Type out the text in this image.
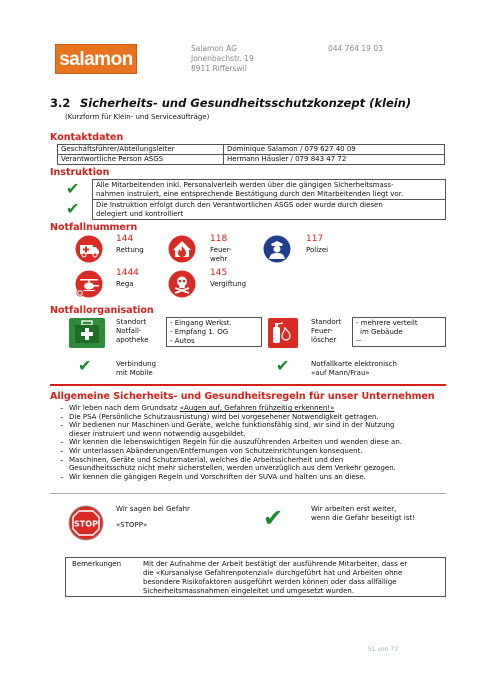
salamon
Salamon AG
Jonenbachstr. 19
8911 Rifferswil
044 764 19 03
3.2 Sicherheits- und Gesundheitsschutzkonzept (klein)
(Kurzform für Klein- und Serviceaufträge)
Kontaktdaten
Geschäftsführer/Abteilungsleiter	Dominique Salamon / 079 627 40 09
Verantwortliche Person ASGS	Hermann Häusler / 079 843 47 72
Instruktion
✔ Alle Mitarbeitenden inkl. Personalverleih werden über die gängigen Sicherheitsmass-
nahmen instruiert, eine entsprechende Bestätigung durch den Mitarbeitenden liegt vor.
✔ Die Instruktion erfolgt durch den Verantwortlichen ASGS oder wurde durch diesen
delegiert und kontrolliert
Notfallnummern
144
Rettung
118
Feuer-
wehr
117
Polizei
1444
Rega
145
Vergiftung
Notfallorganisation
Standort
Notfall-
apotheke
- Eingang Werkst.
- Empfang 1. OG
- Autos
Standort
Feuer-
löscher
- mehrere verteilt
im Gebäude
--
✔	Verbindung
mit Mobile	✔	Notfallkarte elektronisch
«auf Mann/Frau»
Allgemeine Sicherheits- und Gesundheitsregeln für unser Unternehmen
– Wir leben nach dem Grundsatz «Augen auf, Gefahren frühzeitig erkennen!»
– Die PSA (Persönliche Schutzausrüstung) wird bei vorgesehener Notwendigkeit getragen.
– Wir bedienen nur Maschinen und Geräte, welche funktionsfähig sind, wir sind in der Nutzung
dieser instruiert und wenn notwendig ausgebildet.
– Wir kennen die lebenswichtigen Regeln für die auszuführenden Arbeiten und wenden diese an.
– Wir unterlassen Abänderungen/Entfernungen von Schutzeinrichtungen konsequent.
– Maschinen, Geräte und Schutzmaterial, welches die Arbeitssicherheit und den
Gesundheitsschutz nicht mehr sicherstellen, werden unverzüglich aus dem Verkehr gezogen.
– Wir kennen die gängigen Regeln und Vorschriften der SUVA und halten uns an diese.
STOP
Wir sagen bei Gefahr
«STOPP»	✔	Wir arbeiten erst weiter,
wenn die Gefahr beseitigt ist!
Bemerkungen	Mit der Aufnahme der Arbeit bestätigt der ausführende Mitarbeiter, dass er
die «Kursanalyse Gefahrenpotenzial» durchgeführt hat und Arbeiten ohne
besondere Risikofaktoren ausgeführt werden können oder dass allfällige
Sicherheitsmassnahmen eingeleitet und umgesetzt wurden.
51 von 73
